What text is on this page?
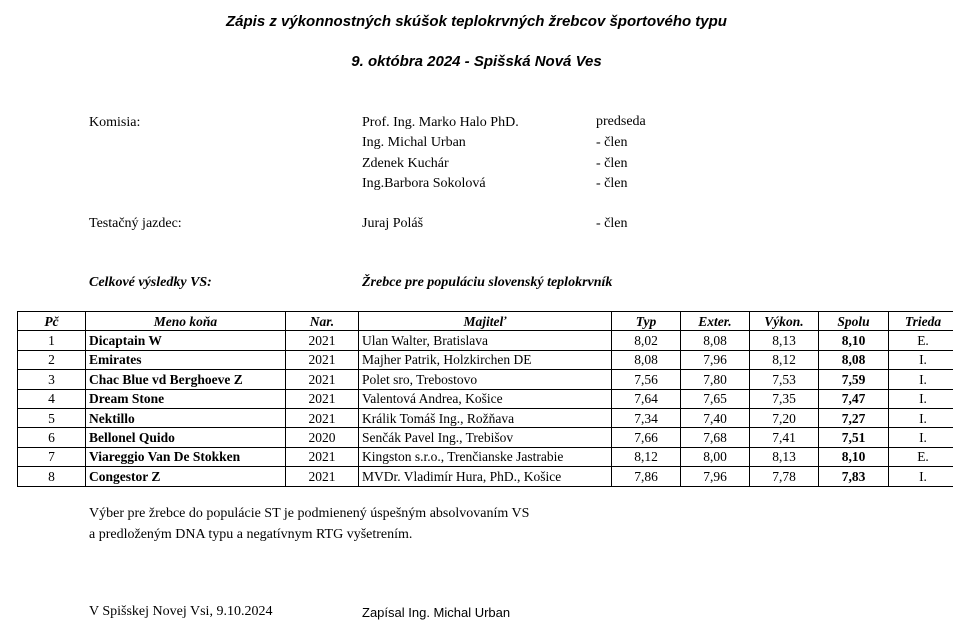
Zápis z výkonnostných skúšok teplokrvných žrebcov športového typu
9. októbra 2024 - Spišská Nová Ves
Komisia:	Prof. Ing. Marko Halo PhD.	predseda
Ing. Michal Urban	- člen
Zdenek Kuchár	- člen
Ing.Barbora Sokolová	- člen
Testačný jazdec:	Juraj Poláš	- člen
Celkové výsledky VS:	Žrebce pre populáciu slovenský teplokrvník
Pč	Meno koňa	Nar.	Majiteľ	Typ	Exter.	Výkon.	Spolu	Trieda
1	Dicaptain W	2021	Ulan Walter, Bratislava	8,02	8,08	8,13	8,10	E.
2	Emirates	2021	Majher Patrik, Holzkirchen DE	8,08	7,96	8,12	8,08	I.
3	Chac Blue vd Berghoeve Z	2021	Polet sro, Trebostovo	7,56	7,80	7,53	7,59	I.
4	Dream Stone	2021	Valentová Andrea, Košice	7,64	7,65	7,35	7,47	I.
5	Nektillo	2021	Králik Tomáš Ing., Rožňava	7,34	7,40	7,20	7,27	I.
6	Bellonel Quido	2020	Senčák Pavel Ing., Trebišov	7,66	7,68	7,41	7,51	I.
7	Viareggio Van De Stokken	2021	Kingston s.r.o., Trenčianske Jastrabie	8,12	8,00	8,13	8,10	E.
8	Congestor Z	2021	MVDr. Vladimír Hura, PhD., Košice	7,86	7,96	7,78	7,83	I.
Výber pre žrebce do populácie ST je podmienený úspešným absolvovaním VS
a predloženým DNA typu a negatívnym RTG vyšetrením.
V Spišskej Novej Vsi, 9.10.2024	Zapísal Ing. Michal Urban
